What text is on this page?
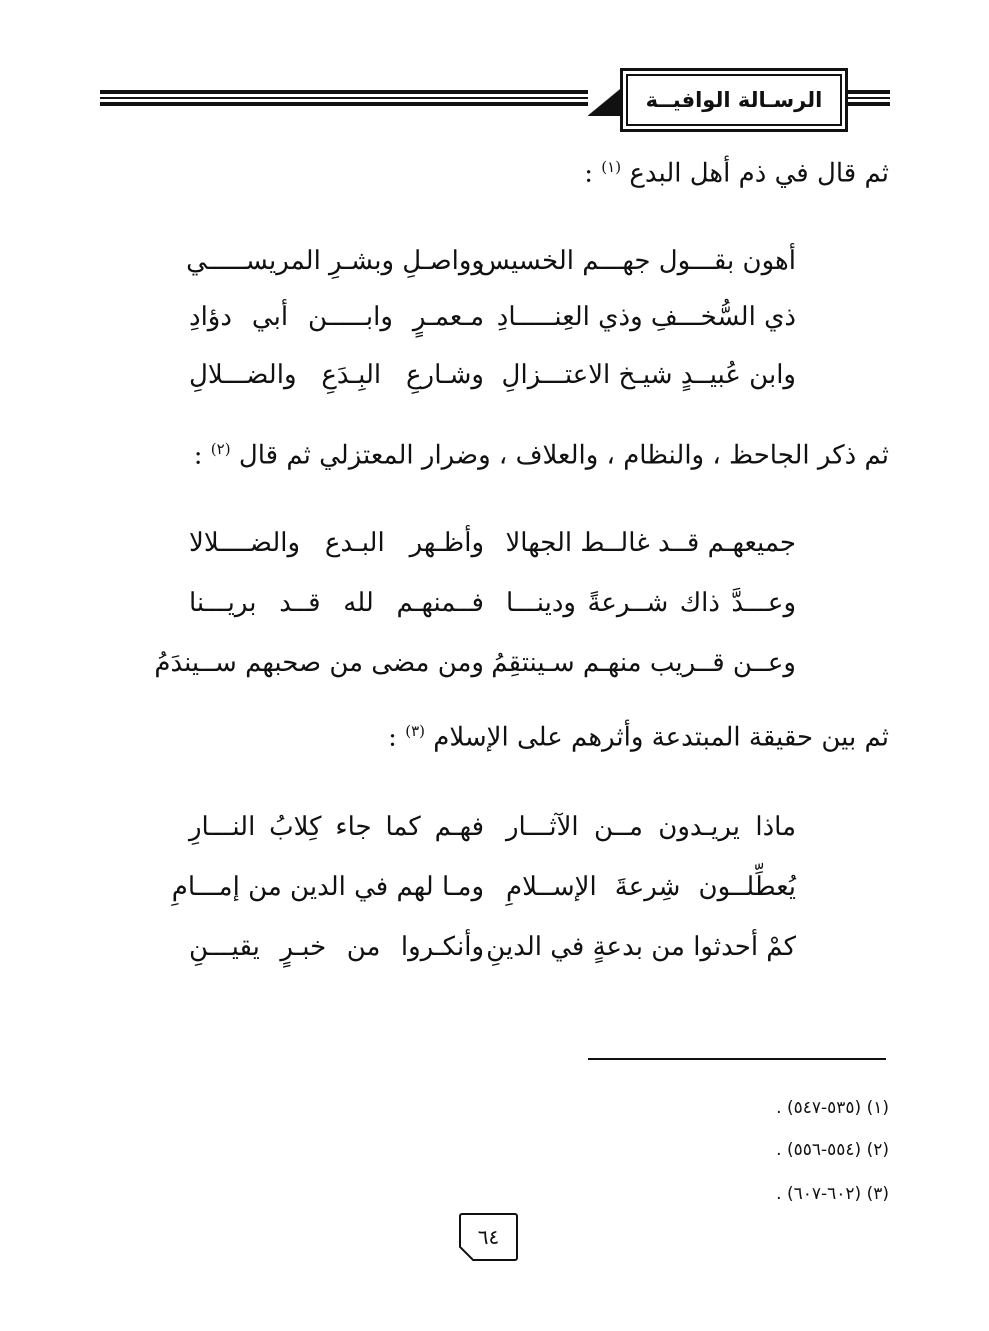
الرسـالة الوافيــة
ثم قال في ذم أهل البدع $^{(١)}$ :
أهون بقـــول جهـــم الخسيس
وواصـلِ وبشـرِ المريســـــي
ذي السُّخـــفِ وذي العِنـــــادِ
مـعمـرٍ وابـــــن أبي دؤادِ
وابن عُبيــدٍ شيـخ الاعتـــزالِ
وشـارعِ البِـدَعِ والضـــلالِ
ثم ذكر الجاحظ ، والنظام ، والعلاف ، وضرار المعتزلي ثم قال $^{(٢)}$ :
جميعهـم قــد غالــط الجهالا
وأظـهر البـدع والضــــلالا
وعـــدَّ ذاك شــرعةً ودينـــا
فــمنهـم لله قــد بريـــنا
وعــن قــريب منهـم سـينتقِمُ
ومن مضى من صحبهم ســيندَمُ
ثم بين حقيقة المبتدعة وأثرهم على الإسلام $^{(٣)}$ :
ماذا يريـدون مــن الآثـــار
فهـم كما جاء كِلابُ النـــارِ
يُعطِّلــون شِرعةَ الإســلامِ
ومـا لهم في الدين من إمـــامِ
كمْ أحدثوا من بدعةٍ في الدينِ
وأنكـروا من خبـرٍ يقيـــنِ
(١) (٥٣٥-٥٤٧) .
(٢) (٥٥٤-٥٥٦) .
(٣) (٦٠٢-٦٠٧) .
٦٤
